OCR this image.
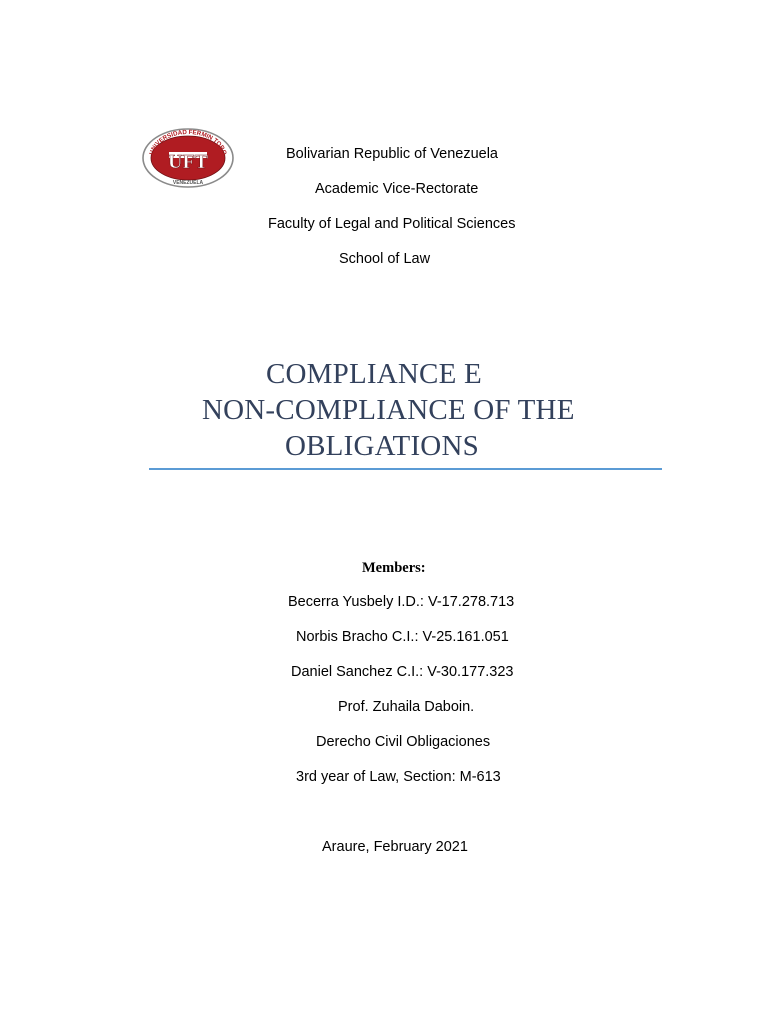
UNIVERSIDAD FERMIN TORO
UFT
VENEZUELA
Bolivarian Republic of Venezuela
Academic Vice-Rectorate
Faculty of Legal and Political Sciences
School of Law
COMPLIANCE E
NON-COMPLIANCE OF THE
OBLIGATIONS
Members:
Becerra Yusbely I.D.: V-17.278.713
Norbis Bracho C.I.: V-25.161.051
Daniel Sanchez C.I.: V-30.177.323
Prof. Zuhaila Daboin.
Derecho Civil Obligaciones
3rd year of Law, Section: M-613
Araure, February 2021
